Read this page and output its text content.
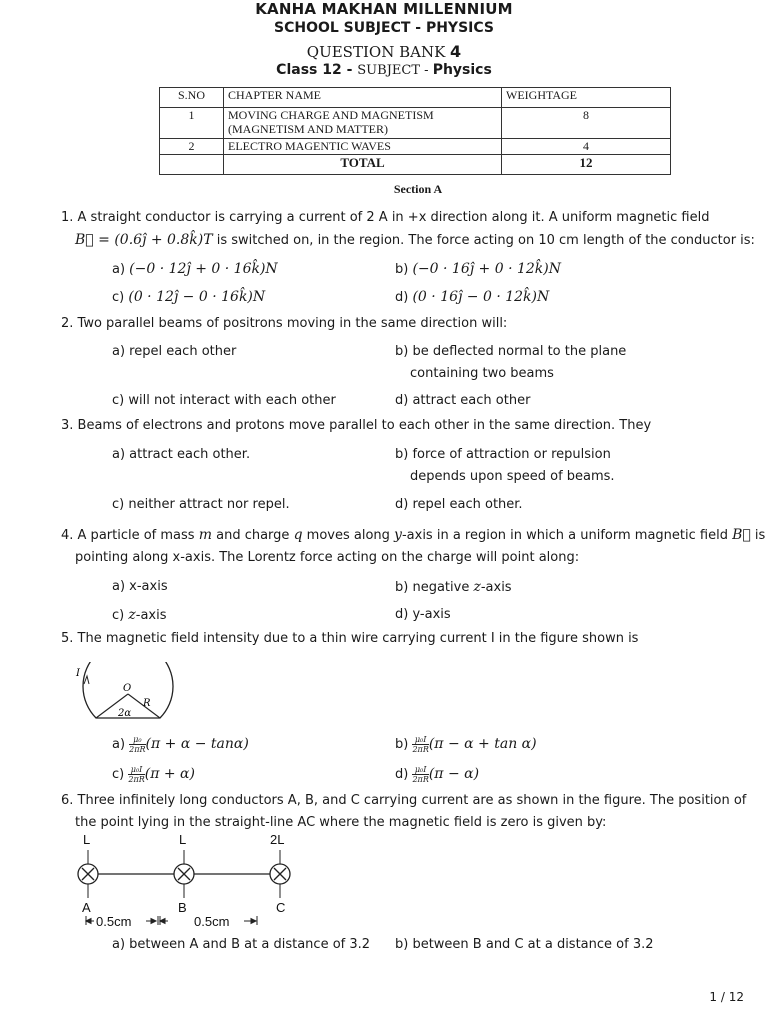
KANHA MAKHAN MILLENNIUM
SCHOOL SUBJECT - PHYSICS
QUESTION BANK 4
Class 12 - SUBJECT - Physics
S.NO	CHAPTER NAME	WEIGHTAGE
1	MOVING CHARGE AND MAGNETISM (MAGNETISM AND MATTER)	8
2	ELECTRO MAGENTIC WAVES	4
	TOTAL	12
Section A
1. A straight conductor is carrying a current of 2 A in +x direction along it. A uniform magnetic field
B⃗ = (0.6ĵ + 0.8k̂)T is switched on, in the region. The force acting on 10 cm length of the conductor is:
a) (−0 · 12ĵ + 0 · 16k̂)N	b) (−0 · 16ĵ + 0 · 12k̂)N
c) (0 · 12ĵ − 0 · 16k̂)N	d) (0 · 16ĵ − 0 · 12k̂)N
2. Two parallel beams of positrons moving in the same direction will:
a) repel each other	b) be deflected normal to the plane
containing two beams
c) will not interact with each other	d) attract each other
3. Beams of electrons and protons move parallel to each other in the same direction. They
a) attract each other.	b) force of attraction or repulsion
depends upon speed of beams.
c) neither attract nor repel.	d) repel each other.
4. A particle of mass m and charge q moves along y-axis in a region in which a uniform magnetic field B⃗ is
pointing along x-axis. The Lorentz force acting on the charge will point along:
a) x-axis	b) negative z-axis
c) z-axis	d) y-axis
5. The magnetic field intensity due to a thin wire carrying current I in the figure shown is
I
O
R
2α
$a) \frac{\text{μ₀}}{2\pi R} (\pi + \alpha - \tan\alpha)$	$b) \frac{\text{μ₀I}}{2\pi R} (\pi - \alpha + \tan \alpha)$
$c) \frac{\text{μ₀I}}{2\pi R} (\pi + \alpha)$	$d) \frac{\text{μ₀I}}{2\pi R} (\pi - \alpha)$
6. Three infinitely long conductors A, B, and C carrying current are as shown in the figure. The position of
the point lying in the straight-line AC where the magnetic field is zero is given by:
L	L	2L
A	B	C
0.5cm	0.5cm
a) between A and B at a distance of 3.2 b) between B and C at a distance of 3.2
1 / 12
